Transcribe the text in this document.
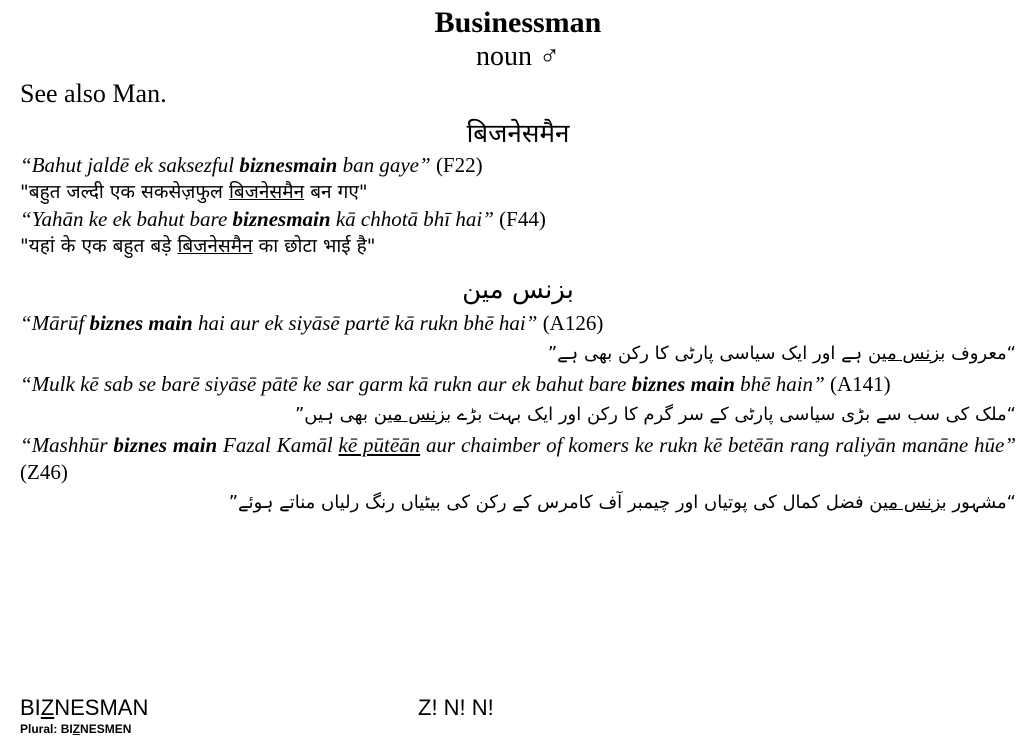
Businessman
noun ♂
See also Man.
बिजनेसमैन
“Bahut jaldē ek saksezful biznesmain ban gaye” (F22)
"बहुत जल्दी एक सकसेज़फुल बिजनेसमैन बन गए"
“Yahān ke ek bahut bare biznesmain kā chhotā bhī hai” (F44)
"यहां के एक बहुत बड़े बिजनेसमैन का छोटा भाई है"
بزنس مین
“Mārūf biznes main hai aur ek siyāsē partē kā rukn bhē hai” (A126)
“معروف بزنس مین ہے اور ایک سیاسی پارٹی کا رکن بھی ہے”
“Mulk kē sab se barē siyāsē pātē ke sar garm kā rukn aur ek bahut bare biznes main bhē hain” (A141)
“ملک کی سب سے بڑی سیاسی پارٹی کے سر گرم کا رکن اور ایک بہت بڑے بزنس مین بھی ہیں”
“Mashhūr biznes main Fazal Kamāl kē pūtēān aur chaimber of komers ke rukn kē betēān rang raliyān manāne hūe” (Z46)
“مشہور بزنس مین فضل کمال کی پوتیاں اور چیمبر آف کامرس کے رکن کی بیٹیاں رنگ رلیاں مناتے ہوئے”
BIZNESMAN	Z! N! N!
Plural: BIZNESMEN
